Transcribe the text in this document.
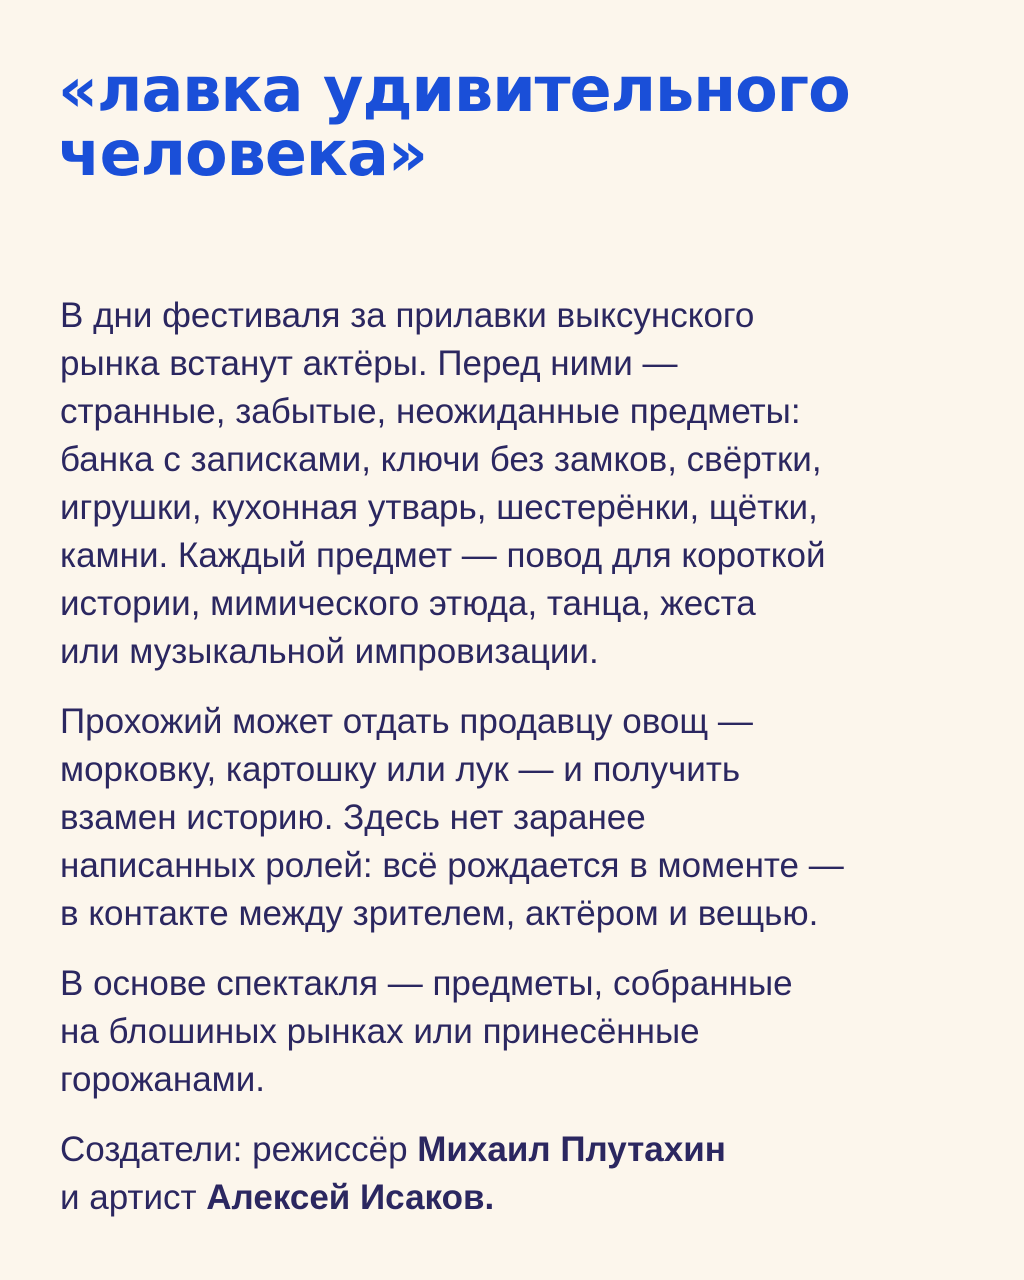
«лавка удивительного
человека»

В дни фестиваля за прилавки выксунского
рынка встанут актёры. Перед ними —
странные, забытые, неожиданные предметы:
банка с записками, ключи без замков, свёртки,
игрушки, кухонная утварь, шестерёнки, щётки,
камни. Каждый предмет — повод для короткой
истории, мимического этюда, танца, жеста
или музыкальной импровизации.

Прохожий может отдать продавцу овощ —
морковку, картошку или лук — и получить
взамен историю. Здесь нет заранее
написанных ролей: всё рождается в моменте —
в контакте между зрителем, актёром и вещью.

В основе спектакля — предметы, собранные
на блошиных рынках или принесённые
горожанами.

Создатели: режиссёр Михаил Плутахин
и артист Алексей Исаков.
